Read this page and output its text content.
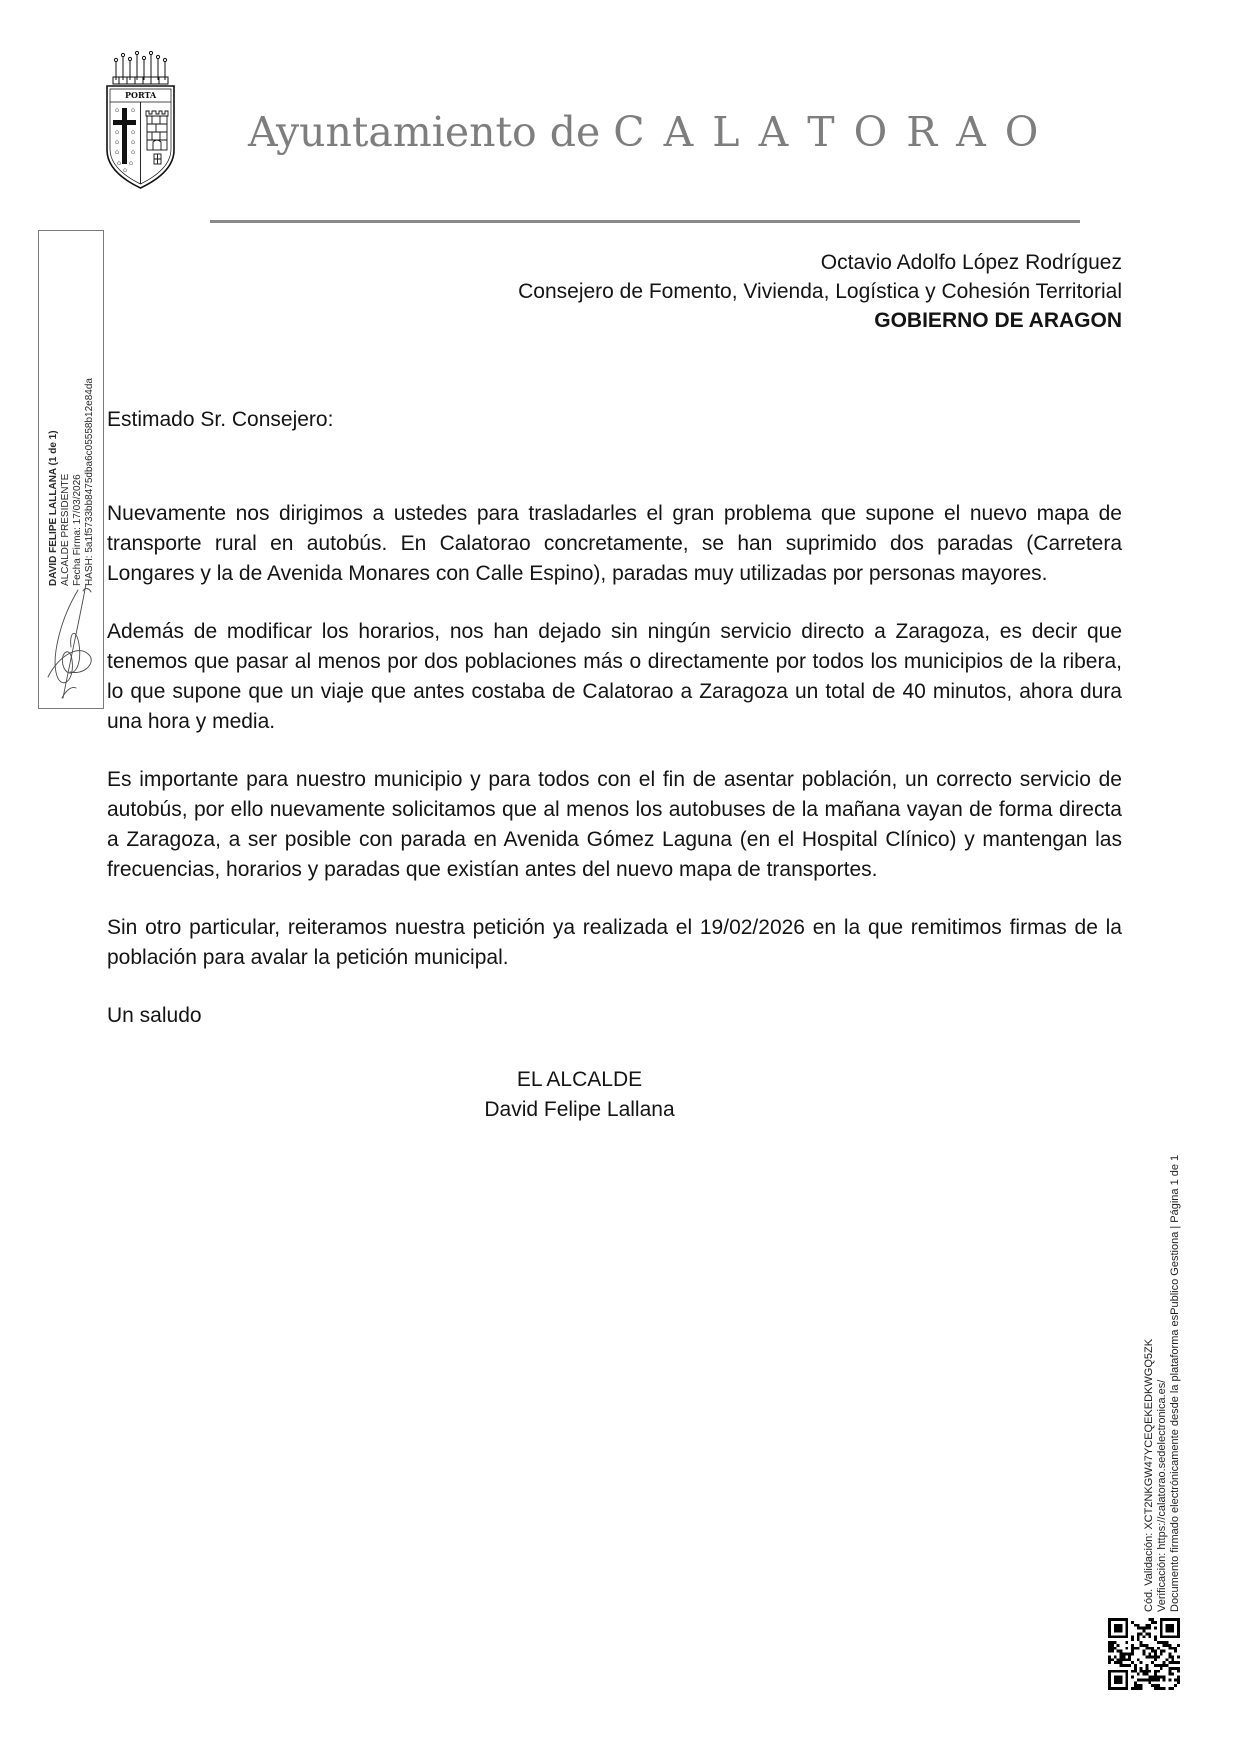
✩ ✩
✩ ✩
✩ ✩
✩ ✩
✩
✩ ✩
PORTA
Ayuntamiento de C A L A T O R A O
Octavio Adolfo López Rodríguez
Consejero de Fomento, Vivienda, Logística y Cohesión Territorial
GOBIERNO DE ARAGON

Estimado Sr. Consejero:

Nuevamente nos dirigimos a ustedes para trasladarles el gran problema que supone el nuevo mapa de transporte rural en autobús. En Calatorao concretamente, se han suprimido dos paradas (Carretera Longares y la de Avenida Monares con Calle Espino), paradas muy utilizadas por personas mayores.

Además de modificar los horarios, nos han dejado sin ningún servicio directo a Zaragoza, es decir que tenemos que pasar al menos por dos poblaciones más o directamente por todos los municipios de la ribera, lo que supone que un viaje que antes costaba de Calatorao a Zaragoza un total de 40 minutos, ahora dura una hora y media.

Es importante para nuestro municipio y para todos con el fin de asentar población, un correcto servicio de autobús, por ello nuevamente solicitamos que al menos los autobuses de la mañana vayan de forma directa a Zaragoza, a ser posible con parada en Avenida Gómez Laguna (en el Hospital Clínico) y mantengan las frecuencias, horarios y paradas que existían antes del nuevo mapa de transportes.

Sin otro particular, reiteramos nuestra petición ya realizada el 19/02/2026 en la que remitimos firmas de la población para avalar la petición municipal.

Un saludo

EL ALCALDE
David Felipe Lallana
DAVID FELIPE LALLANA (1 de 1) ALCALDE PRESIDENTE Fecha Firma: 17/03/2026 HASH: 5a1f5733bb8475dba6c05558b12e84da
Cód. Validación: XCT2NKGW47YCEQEKEDKWGQ5ZK Verificación: https://calatorao.sedelectronica.es/ Documento firmado electrónicamente desde la plataforma esPublico Gestiona | Página 1 de 1
